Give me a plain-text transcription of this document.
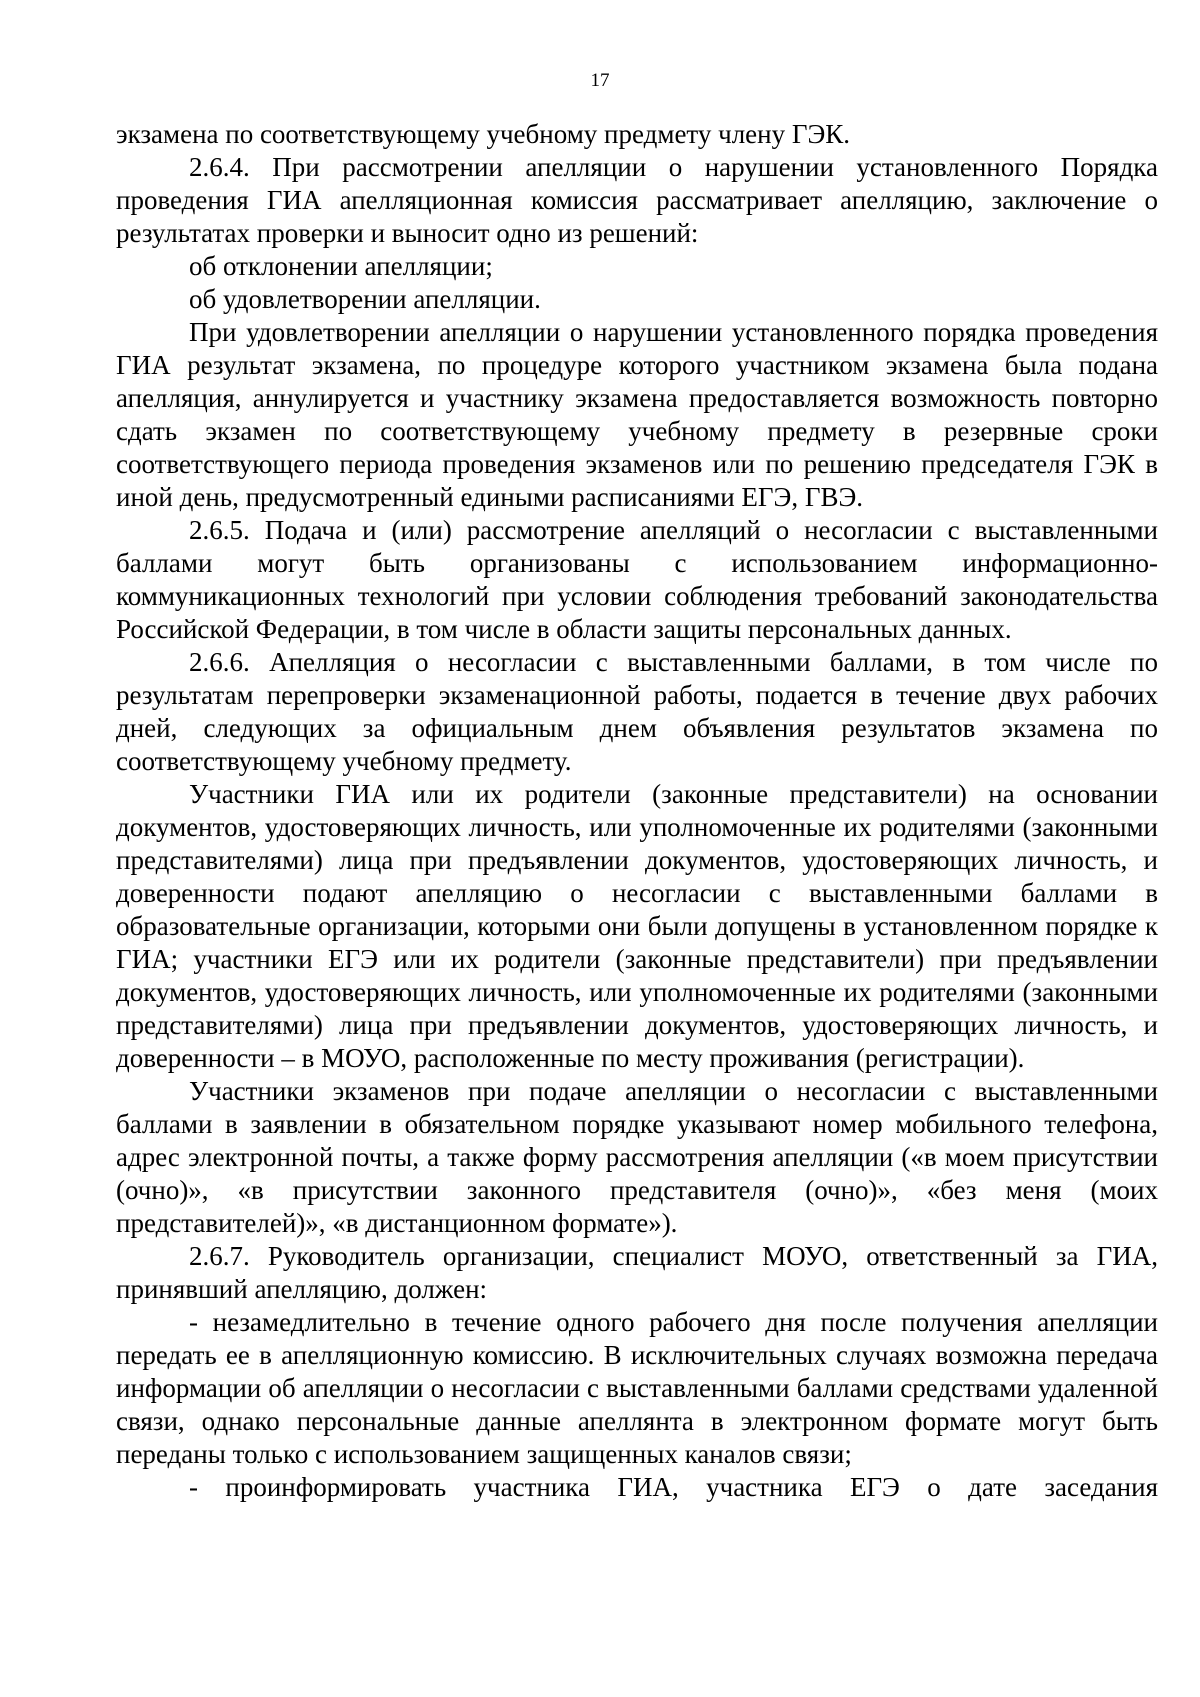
17

экзамена по соответствующему учебному предмету члену ГЭК.

2.6.4. При рассмотрении апелляции о нарушении установленного Порядка проведения ГИА апелляционная комиссия рассматривает апелляцию, заключение о результатах проверки и выносит одно из решений:

об отклонении апелляции;

об удовлетворении апелляции.

При удовлетворении апелляции о нарушении установленного порядка проведения ГИА результат экзамена, по процедуре которого участником экзамена была подана апелляция, аннулируется и участнику экзамена предоставляется возможность повторно сдать экзамен по соответствующему учебному предмету в резервные сроки соответствующего периода проведения экзаменов или по решению председателя ГЭК в иной день, предусмотренный едиными расписаниями ЕГЭ, ГВЭ.

2.6.5. Подача и (или) рассмотрение апелляций о несогласии с выставленными баллами могут быть организованы с использованием информационно-коммуникационных технологий при условии соблюдения требований законодательства Российской Федерации, в том числе в области защиты персональных данных.

2.6.6. Апелляция о несогласии с выставленными баллами, в том числе по результатам перепроверки экзаменационной работы, подается в течение двух рабочих дней, следующих за официальным днем объявления результатов экзамена по соответствующему учебному предмету.

Участники ГИА или их родители (законные представители) на основании документов, удостоверяющих личность, или уполномоченные их родителями (законными представителями) лица при предъявлении документов, удостоверяющих личность, и доверенности подают апелляцию о несогласии с выставленными баллами в образовательные организации, которыми они были допущены в установленном порядке к ГИА; участники ЕГЭ или их родители (законные представители) при предъявлении документов, удостоверяющих личность, или уполномоченные их родителями (законными представителями) лица при предъявлении документов, удостоверяющих личность, и доверенности – в МОУО, расположенные по месту проживания (регистрации).

Участники экзаменов при подаче апелляции о несогласии с выставленными баллами в заявлении в обязательном порядке указывают номер мобильного телефона, адрес электронной почты, а также форму рассмотрения апелляции («в моем присутствии (очно)», «в присутствии законного представителя (очно)», «без меня (моих представителей)», «в дистанционном формате»).

2.6.7. Руководитель организации, специалист МОУО, ответственный за ГИА, принявший апелляцию, должен:

- незамедлительно в течение одного рабочего дня после получения апелляции передать ее в апелляционную комиссию. В исключительных случаях возможна передача информации об апелляции о несогласии с выставленными баллами средствами удаленной связи, однако персональные данные апеллянта в электронном формате могут быть переданы только с использованием защищенных каналов связи;

- проинформировать участника ГИА, участника ЕГЭ о дате заседания
